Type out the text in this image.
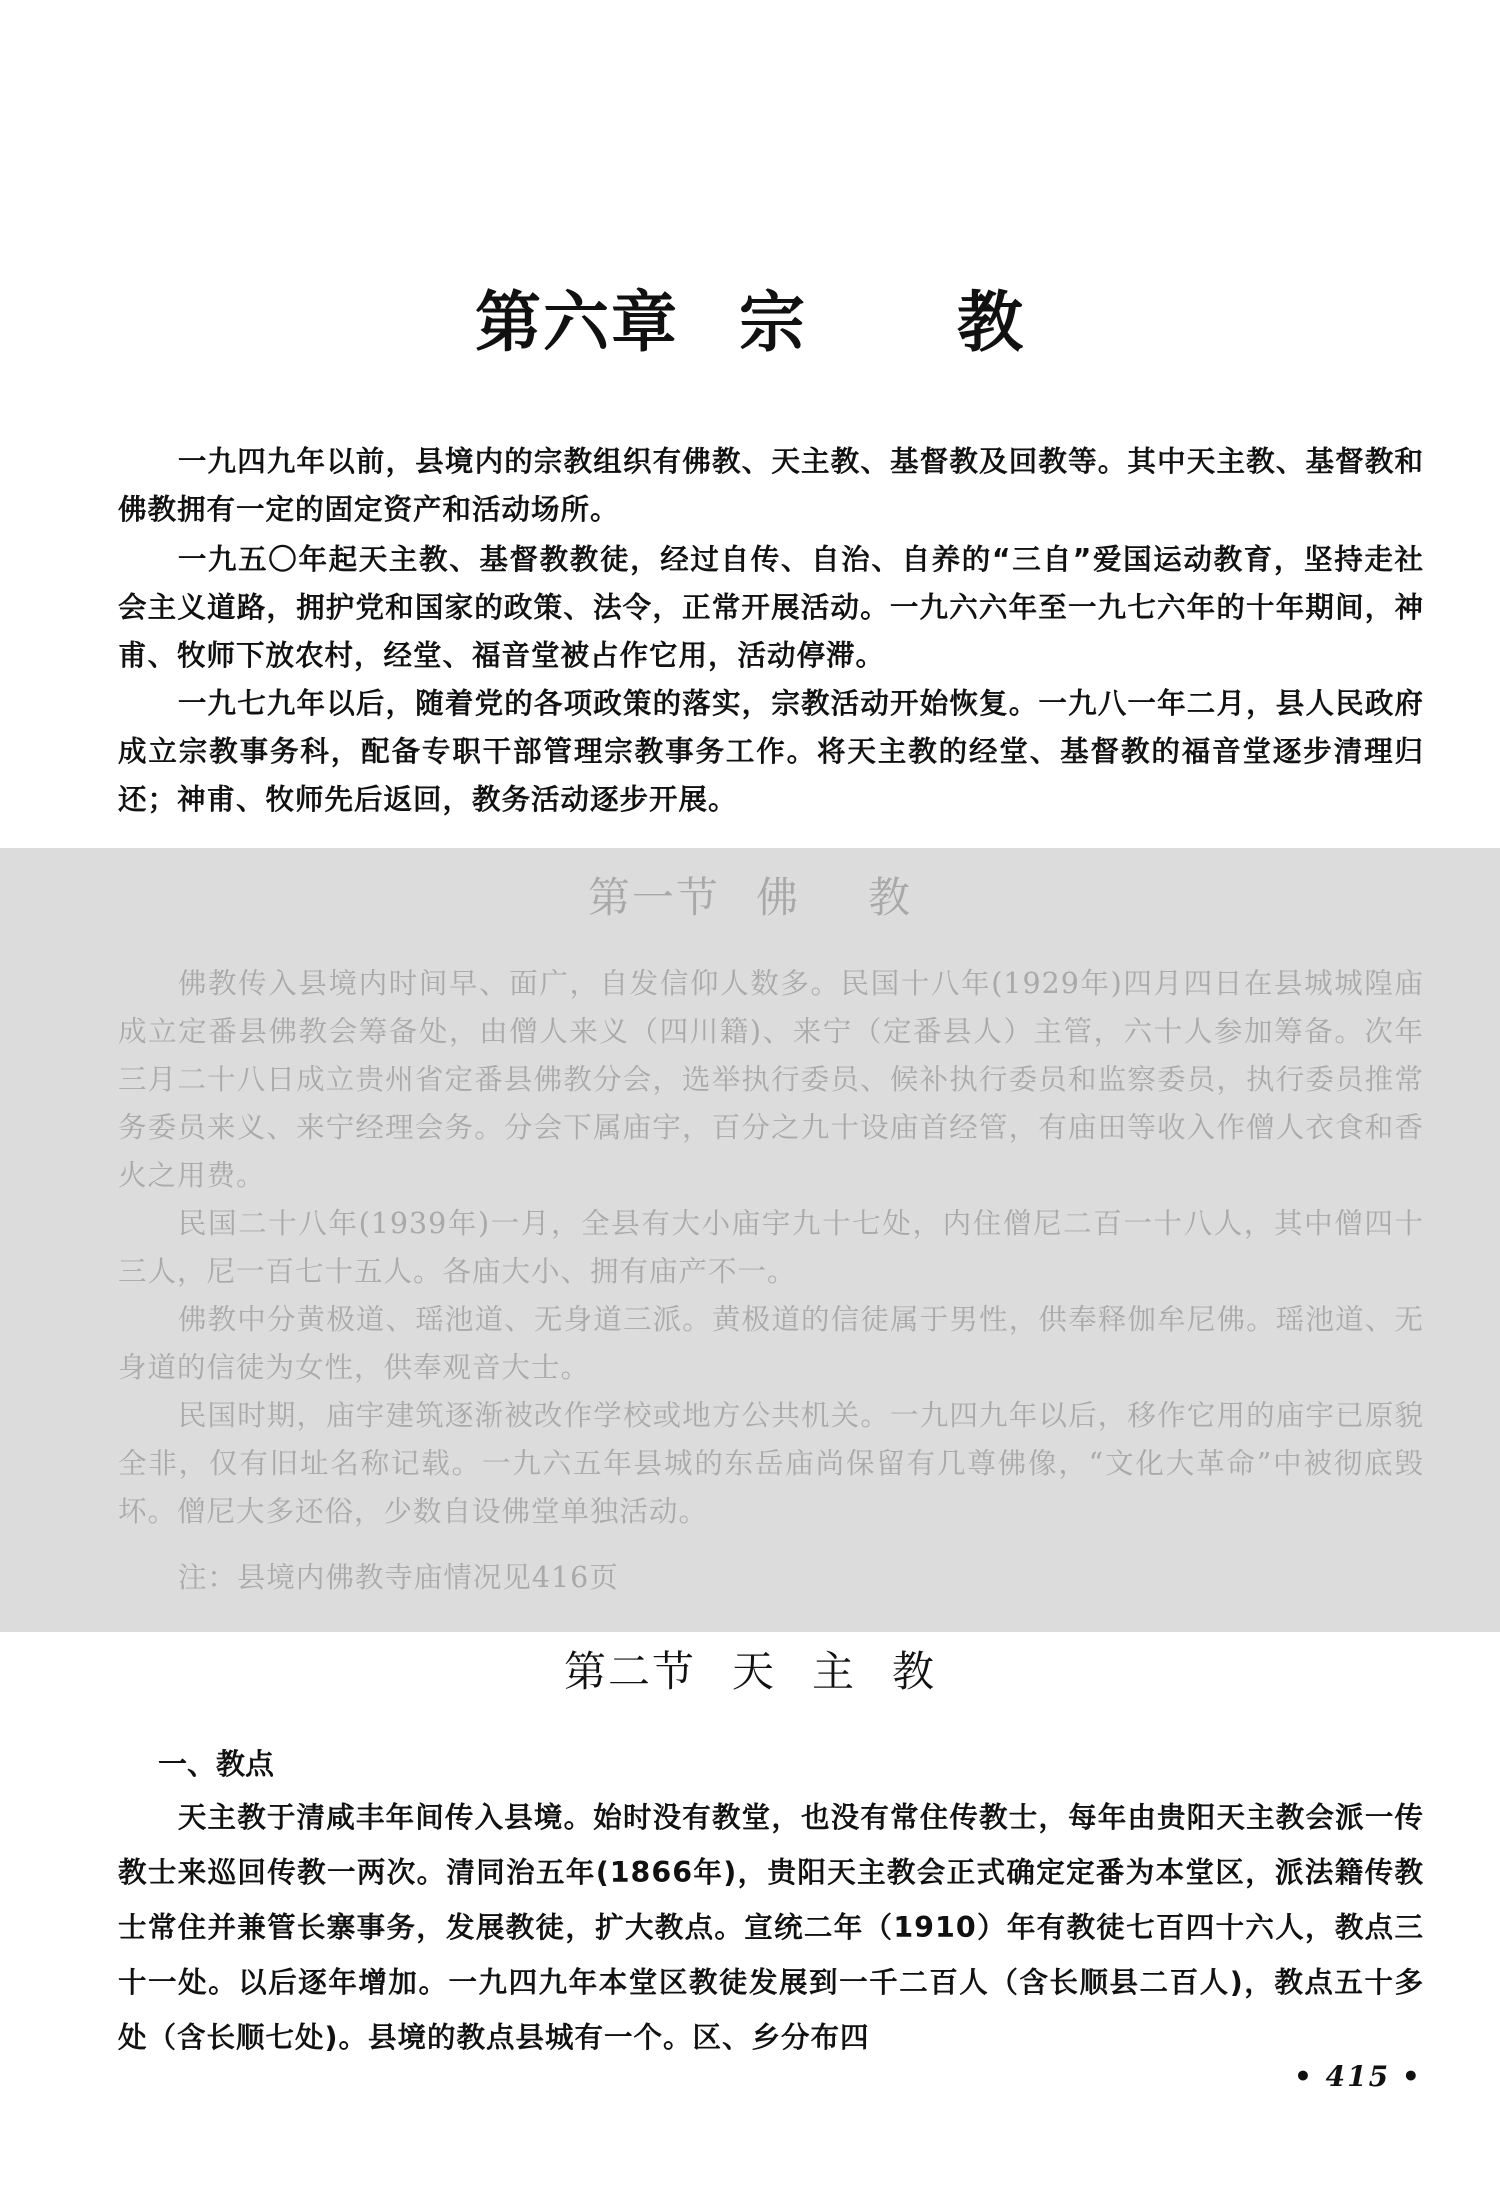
第六章 宗 教

一九四九年以前，县境内的宗教组织有佛教、天主教、基督教及回教等。其中天主教、基督教和佛教拥有一定的固定资产和活动场所。

一九五〇年起天主教、基督教教徒，经过自传、自治、自养的“三自”爱国运动教育，坚持走社会主义道路，拥护党和国家的政策、法令，正常开展活动。一九六六年至一九七六年的十年期间，神甫、牧师下放农村，经堂、福音堂被占作它用，活动停滞。

一九七九年以后，随着党的各项政策的落实，宗教活动开始恢复。一九八一年二月，县人民政府成立宗教事务科，配备专职干部管理宗教事务工作。将天主教的经堂、基督教的福音堂逐步清理归还；神甫、牧师先后返回，教务活动逐步开展。

第一节 佛 教

佛教传入县境内时间早、面广，自发信仰人数多。民国十八年(1929年)四月四日在县城城隍庙成立定番县佛教会筹备处，由僧人来义（四川籍)、来宁（定番县人）主管，六十人参加筹备。次年三月二十八日成立贵州省定番县佛教分会，选举执行委员、候补执行委员和监察委员，执行委员推常务委员来义、来宁经理会务。分会下属庙宇，百分之九十设庙首经管，有庙田等收入作僧人衣食和香火之用费。

民国二十八年(1939年)一月，全县有大小庙宇九十七处，内住僧尼二百一十八人，其中僧四十三人，尼一百七十五人。各庙大小、拥有庙产不一。

佛教中分黄极道、瑶池道、无身道三派。黄极道的信徒属于男性，供奉释伽牟尼佛。瑶池道、无身道的信徒为女性，供奉观音大士。

民国时期，庙宇建筑逐渐被改作学校或地方公共机关。一九四九年以后，移作它用的庙宇已原貌全非，仅有旧址名称记载。一九六五年县城的东岳庙尚保留有几尊佛像，“文化大革命”中被彻底毁坏。僧尼大多还俗，少数自设佛堂单独活动。

注：县境内佛教寺庙情况见416页

第二节 天 主 教
一、教点

天主教于清咸丰年间传入县境。始时没有教堂，也没有常住传教士，每年由贵阳天主教会派一传教士来巡回传教一两次。清同治五年(1866年)，贵阳天主教会正式确定定番为本堂区，派法籍传教士常住并兼管长寨事务，发展教徒，扩大教点。宣统二年（1910）年有教徒七百四十六人，教点三十一处。以后逐年增加。一九四九年本堂区教徒发展到一千二百人（含长顺县二百人)，教点五十多处（含长顺七处)。县境的教点县城有一个。区、乡分布四

• 415 •
